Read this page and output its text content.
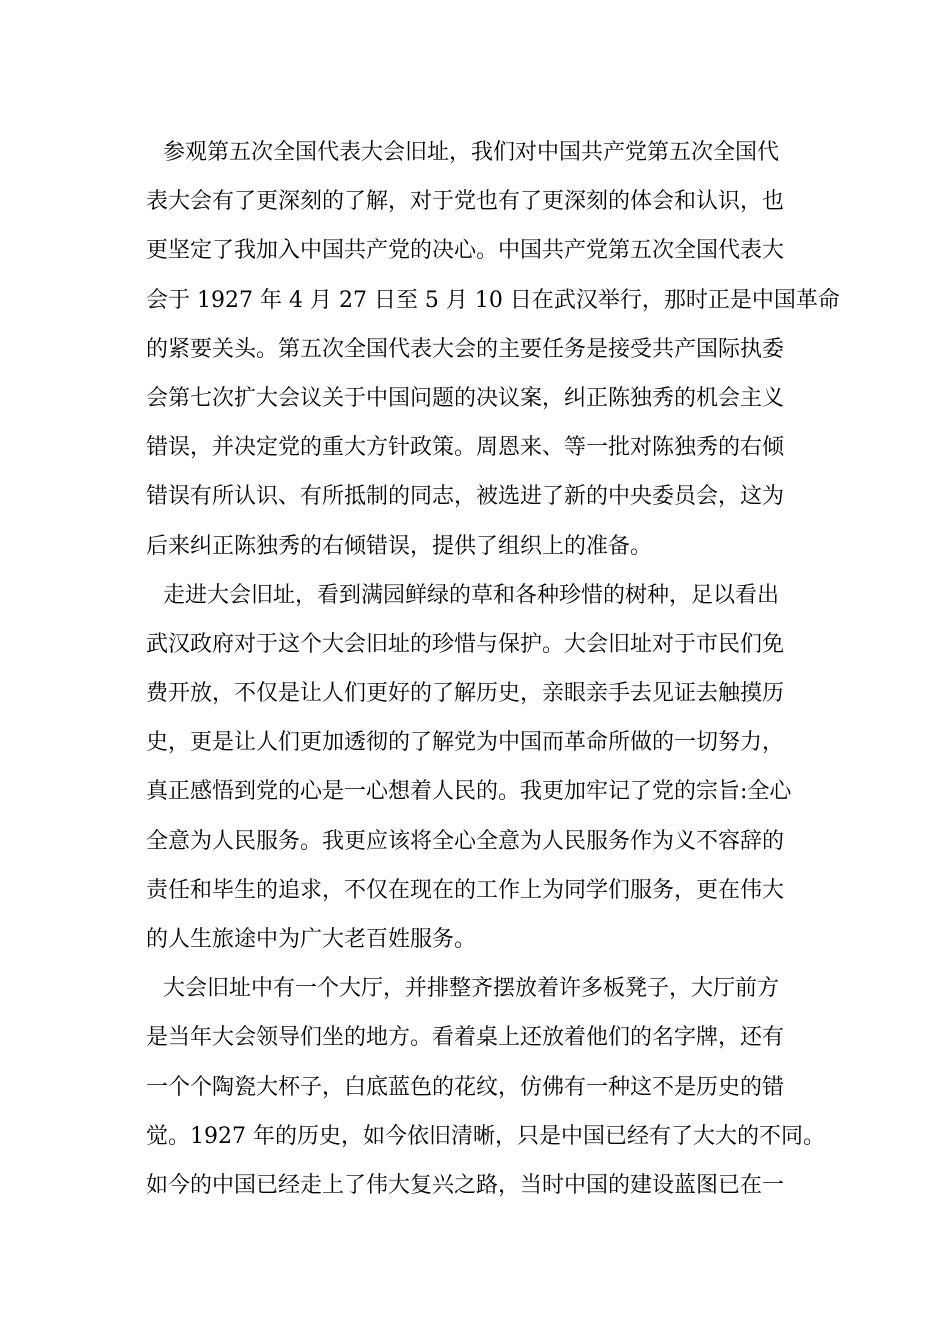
参观第五次全国代表大会旧址，我们对中国共产党第五次全国代
表大会有了更深刻的了解，对于党也有了更深刻的体会和认识，也
更坚定了我加入中国共产党的决心。中国共产党第五次全国代表大
会于 1927 年 4 月 27 日至 5 月 10 日在武汉举行，那时正是中国革命
的紧要关头。第五次全国代表大会的主要任务是接受共产国际执委
会第七次扩大会议关于中国问题的决议案，纠正陈独秀的机会主义
错误，并决定党的重大方针政策。周恩来、等一批对陈独秀的右倾
错误有所认识、有所抵制的同志，被选进了新的中央委员会，这为
后来纠正陈独秀的右倾错误，提供了组织上的准备。
走进大会旧址，看到满园鲜绿的草和各种珍惜的树种，足以看出
武汉政府对于这个大会旧址的珍惜与保护。大会旧址对于市民们免
费开放，不仅是让人们更好的了解历史，亲眼亲手去见证去触摸历
史，更是让人们更加透彻的了解党为中国而革命所做的一切努力，
真正感悟到党的心是一心想着人民的。我更加牢记了党的宗旨:全心
全意为人民服务。我更应该将全心全意为人民服务作为义不容辞的
责任和毕生的追求，不仅在现在的工作上为同学们服务，更在伟大
的人生旅途中为广大老百姓服务。
大会旧址中有一个大厅，并排整齐摆放着许多板凳子，大厅前方
是当年大会领导们坐的地方。看着桌上还放着他们的名字牌，还有
一个个陶瓷大杯子，白底蓝色的花纹，仿佛有一种这不是历史的错
觉。1927 年的历史，如今依旧清晰，只是中国已经有了大大的不同。
如今的中国已经走上了伟大复兴之路，当时中国的建设蓝图已在一
